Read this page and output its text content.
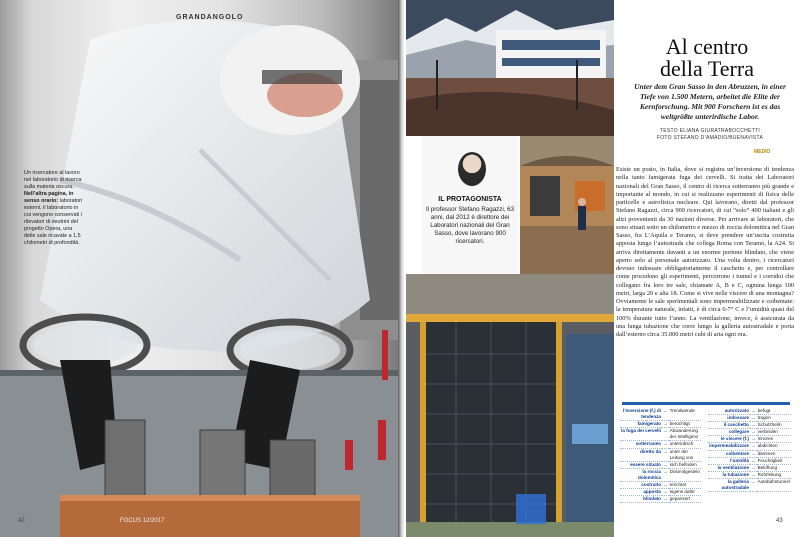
GRANDANGOLO
Un ricercatore al lavoro nel laboratorio di ricerca sulla materia oscura. Nell’altra pagina, in senso orario: laboratori esterni, il laboratorio in cui vengono conservati i rilevatori di neutrini del progetto Opera, una delle sale ricavate a 1,5 chilometri di profondità.
42	FOCUS 12/2017
IL PROTAGONISTA
Il professor Stefano Ragazzi, 63 anni, dal 2012 è direttore dei Laboratori nazionali del Gran Sasso, dove lavorano 900 ricercatori.
Al centro
della Terra
Unter dem Gran Sasso in den Abruzzen, in einer Tiefe von 1.500 Metern, arbeitet die Elite der Kernforschung. Mit 900 Forschern ist es das weltgrößte unterirdische Labor.
TESTO ELIANA GIURATRABOCCHETTI
FOTO STEFANO D’AMADIO/BUENAVISTA
MEDIO
Esiste un posto, in Italia, dove si registra un’inversione di tendenza nella tanto famigerata fuga dei cervelli. Si tratta dei Laboratori nazionali del Gran Sasso, il centro di ricerca sotterraneo più grande e importante al mondo, in cui si realizzano esperimenti di fisica delle particelle e astrofisica nucleare. Qui lavorano, diretti dal professor Stefano Ragazzi, circa 900 ricercatori, di cui “solo” 400 italiani e gli altri provenienti da 30 nazioni diverse. Per arrivare ai laboratori, che sono situati sotto un chilometro e mezzo di roccia dolomitica nel Gran Sasso, fra L’Aquila e Teramo, si deve prendere un’uscita costruita apposta lungo l’autostrada che collega Roma con Teramo, la A24. Si arriva direttamente davanti a un enorme portone blindato, che viene aperto solo al personale autorizzato. Una volta dentro, i ricercatori devono indossare obbligatoriamente il caschetto e, per controllare come procedono gli esperimenti, percorrono i tunnel e i corridoi che collegano fra loro tre sale, chiamate A, B e C, ognuna lunga 100 metri, larga 20 e alta 18. Come si vive nelle viscere di una montagna? Ovviamente le sale sperimentali sono impermeabilizzate e coibentate: la temperatura naturale, infatti, è di circa 6-7° C e l’umidità quasi del 100% durante tutto l’anno. La ventilazione, invece, è assicurata da una lunga tubazione che corre lungo la galleria autostradale e porta dall’esterno circa 35.000 metri cubi di aria ogni ora.
43
l’inversione (f.) di tendenza	→	Trendwende
famigerato	→	berüchtigt
la fuga dei cervelli	→	Abwanderung der Intelligenz
sotterraneo	→	unterirdisch
diretto da	→	unter der Leitung von
essere situato	→	sich befinden
la roccia dolomitica	→	Dolomitgestein
costruito	→	errichtet
apposta	→	eigens dafür
blindato	→	gepanzert
autorizzato	→	befugt
indossare	→	tragen
il caschetto	→	Schutzhelm
collegare	→	verbinden
le viscere (f.)	→	Innores
impermeabilizzare	→	abdichten
coibentare	→	dämmen
l’umidità	→	Feuchtigkeit
la ventilazione	→	Belüftung
la tubazione	→	Rohrleitung
la galleria autostradale	→	Autobahntunnel
